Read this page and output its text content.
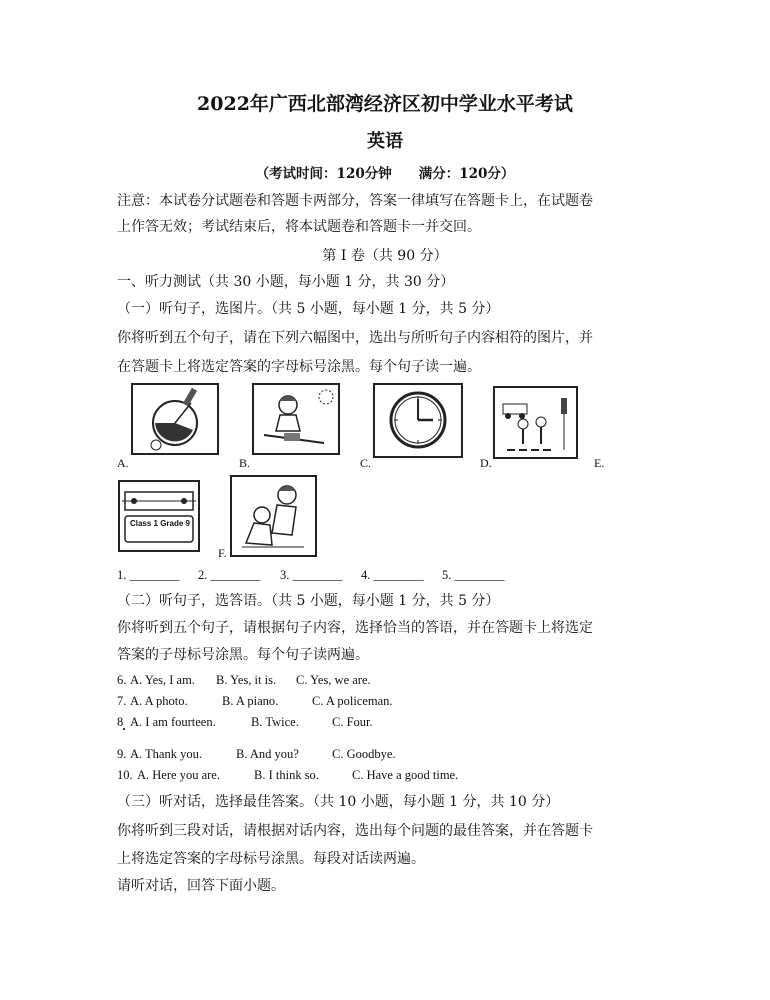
2022年广西北部湾经济区初中学业水平考试
英语
（考试时间：120分钟　　满分：120分）
注意：本试卷分试题卷和答题卡两部分，答案一律填写在答题卡上，在试题卷
上作答无效；考试结束后，将本试题卷和答题卡一并交回。
第 I 卷（共 90 分）
一、听力测试（共 30 小题，每小题 1 分，共 30 分）
（一）听句子，选图片。（共 5 小题，每小题 1 分，共 5 分）
你将听到五个句子，请在下列六幅图中，选出与所听句子内容相符的图片，并
在答题卡上将选定答案的字母标号涂黑。每个句子读一遍。
A.	B.	C.	D.	E.
Class 1 Grade 9
F.
1. ________ 2. ________ 3. ________ 4. ________ 5. ________
（二）听句子，选答语。（共 5 小题，每小题 1 分，共 5 分）
你将听到五个句子，请根据句子内容，选择恰当的答语，并在答题卡上将选定
答案的子母标号涂黑。每个句子读两遍。
6. A. Yes, I am. B. Yes, it is. C. Yes, we are.
7. A. A photo.	B. A piano.	C. A policeman.
8 A. I am fourteen.	B. Twice.	C. Four.
9. A. Thank you.	B. And you?	C. Goodbye.
10. A. Here you are.	B. I think so.	C. Have a good time.
（三）听对话，选择最佳答案。（共 10 小题，每小题 1 分，共 10 分）
你将听到三段对话，请根据对话内容，选出每个问题的最佳答案，并在答题卡
上将选定答案的字母标号涂黑。每段对话读两遍。
请听对话，回答下面小题。
